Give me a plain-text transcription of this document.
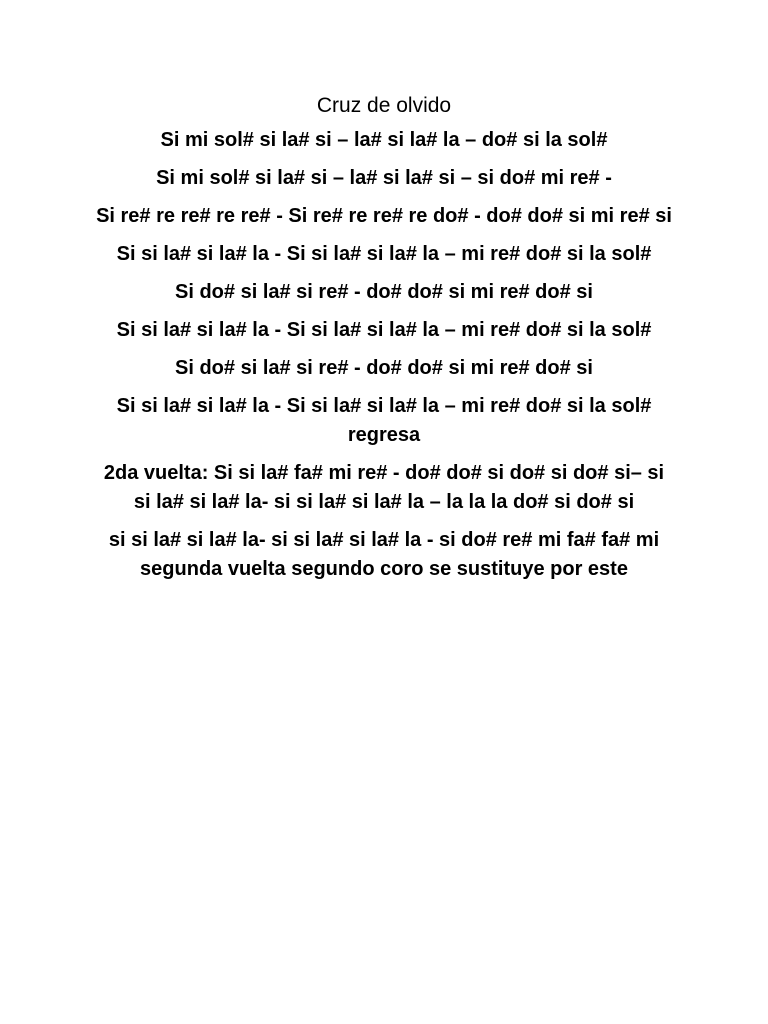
Cruz de olvido
Si mi sol# si la# si – la# si la# la – do# si la sol#
Si mi sol# si la# si – la# si la# si – si do# mi re# -
Si re# re re# re re# - Si re# re re# re do# - do# do# si mi re# si
Si si la# si la# la - Si si la# si la# la – mi re# do# si la sol#
Si do# si la# si re# - do# do# si mi re# do# si
Si si la# si la# la - Si si la# si la# la – mi re# do# si la sol#
Si do# si la# si re# - do# do# si mi re# do# si
Si si la# si la# la - Si si la# si la# la – mi re# do# si la sol# regresa
2da vuelta: Si si la# fa# mi re# - do# do# si do# si do# si– si si la# si la# la- si si la# si la# la – la la la do# si do# si
si si la# si la# la- si si la# si la# la - si do# re# mi fa# fa# mi segunda vuelta segundo coro se sustituye por este
